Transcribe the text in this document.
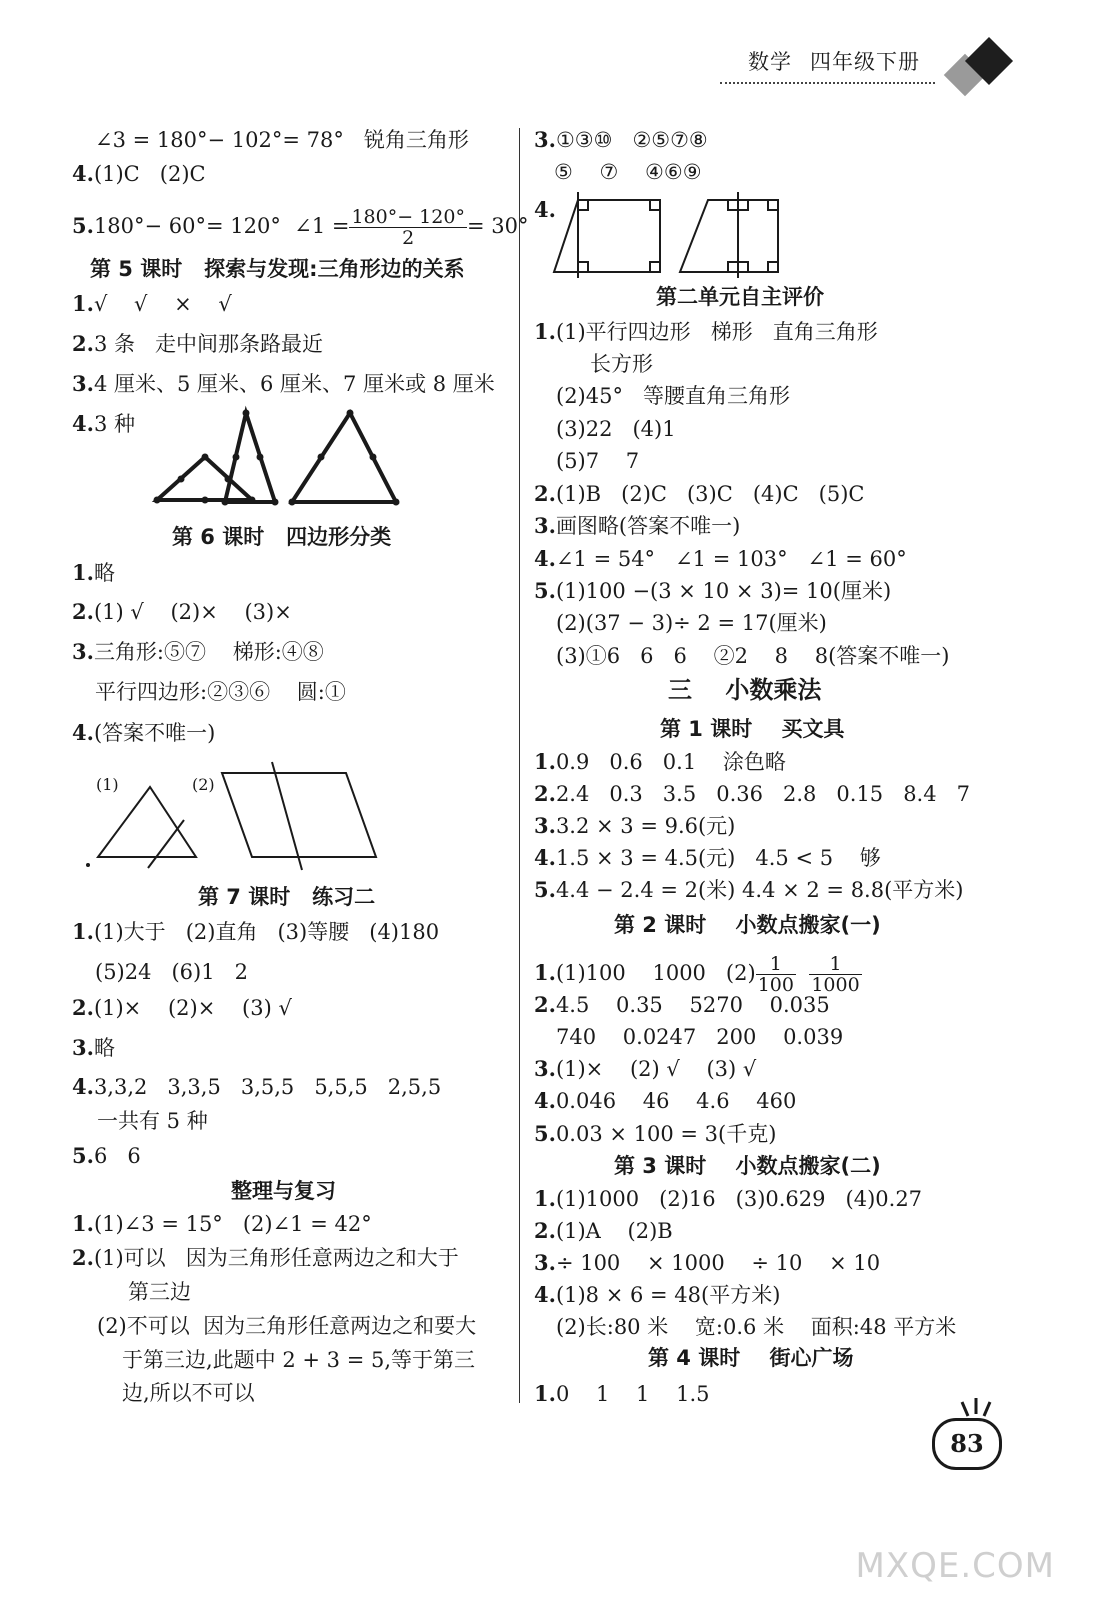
数学 四年级下册
∠3 = 180°− 102°= 78°   锐角三角形
4.(1)C   (2)C
5.180°− 60°= 120°  ∠1 = $\frac{180^\circ- 120^\circ}{2} = 30^\circ$
第 5 课时   探索与发现:三角形边的关系
1.√    √    ×    √
2.3 条   走中间那条路最近
3.4 厘米、5 厘米、6 厘米、7 厘米或 8 厘米
4.3 种
第 6 课时   四边形分类
1.略
2.(1) √    (2)×    (3)×
3.三角形:⑤⑦    梯形:④⑧
平行四边形:②③⑥    圆:①
4.(答案不唯一)
(1)	(2)
第 7 课时   练习二
1.(1)大于   (2)直角   (3)等腰   (4)180
(5)24   (6)1   2
2.(1)×    (2)×    (3) √
3.略
4.3,3,2   3,3,5   3,5,5   5,5,5   2,5,5
一共有 5 种
5.6   6
整理与复习
1.(1)∠3 = 15°   (2)∠1 = 42°
2.(1)可以   因为三角形任意两边之和大于
第三边
(2)不可以  因为三角形任意两边之和要大
于第三边,此题中 2 + 3 = 5,等于第三
边,所以不可以
3.①③⑩   ②⑤⑦⑧
⑤    ⑦    ④⑥⑨
4.
第二单元自主评价
1.(1)平行四边形   梯形   直角三角形
长方形
(2)45°   等腰直角三角形
(3)22   (4)1
(5)7    7
2.(1)B   (2)C   (3)C   (4)C   (5)C
3.画图略(答案不唯一)
4.∠1 = 54°   ∠1 = 103°   ∠1 = 60°
5.(1)100 −(3 × 10 × 3)= 10(厘米)
(2)(37 − 3)÷ 2 = 17(厘米)
(3)①6   6   6    ②2    8    8(答案不唯一)
三    小数乘法
第 1 课时    买文具
1.0.9   0.6   0.1    涂色略
2.2.4   0.3   3.5   0.36   2.8   0.15   8.4   7
3.3.2 × 3 = 9.6(元)
4.1.5 × 3 = 4.5(元)   4.5 < 5    够
5.4.4 − 2.4 = 2(米) 4.4 × 2 = 8.8(平方米)
第 2 课时    小数点搬家(一)
1.(1)100    1000   $(2) \frac{1}{100}$
$\frac{1}{1000}$
2.4.5    0.35    5270    0.035
740    0.0247   200    0.039
3.(1)×    (2) √    (3) √
4.0.046    46    4.6    460
5.0.03 × 100 = 3(千克)
第 3 课时    小数点搬家(二)
1.(1)1000   (2)16   (3)0.629   (4)0.27
2.(1)A    (2)B
3.÷ 100    × 1000    ÷ 10    × 10
4.(1)8 × 6 = 48(平方米)
(2)长:80 米    宽:0.6 米    面积:48 平方米
第 4 课时    街心广场
1.0    1    1    1.5
83
MXQE.COM
